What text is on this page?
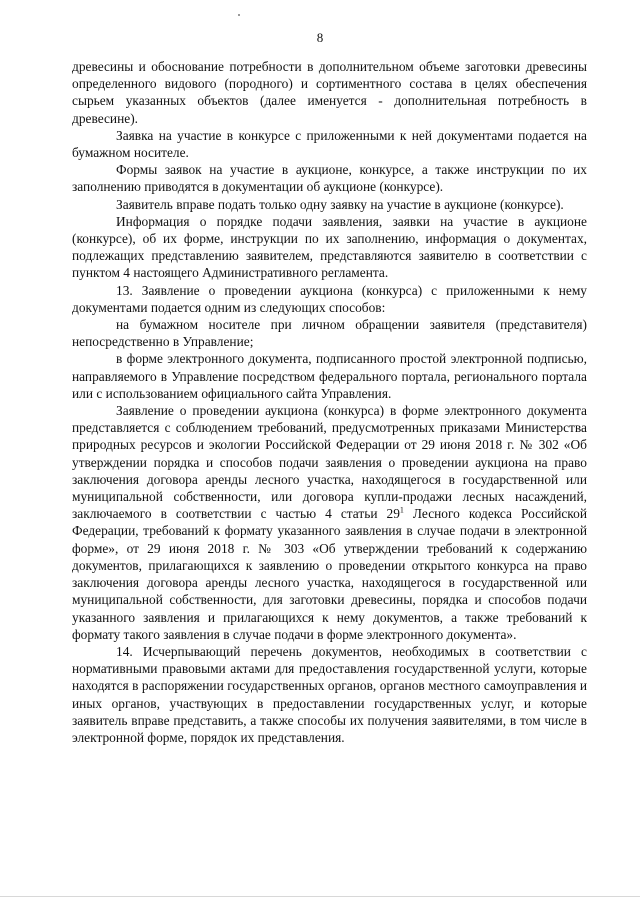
8

древесины и обоснование потребности в дополнительном объеме заготовки древесины определенного видового (породного) и сортиментного состава в целях обеспечения сырьем указанных объектов (далее именуется - дополнительная потребность в древесине).

Заявка на участие в конкурсе с приложенными к ней документами подается на бумажном носителе.

Формы заявок на участие в аукционе, конкурсе, а также инструкции по их заполнению приводятся в документации об аукционе (конкурсе).

Заявитель вправе подать только одну заявку на участие в аукционе (конкурсе).

Информация о порядке подачи заявления, заявки на участие в аукционе (конкурсе), об их форме, инструкции по их заполнению, информация о документах, подлежащих представлению заявителем, представляются заявителю в соответствии с пунктом 4 настоящего Административного регламента.

13. Заявление о проведении аукциона (конкурса) с приложенными к нему документами подается одним из следующих способов:

на бумажном носителе при личном обращении заявителя (представителя) непосредственно в Управление;

в форме электронного документа, подписанного простой электронной подписью, направляемого в Управление посредством федерального портала, регионального портала или с использованием официального сайта Управления.

Заявление о проведении аукциона (конкурса) в форме электронного документа представляется с соблюдением требований, предусмотренных приказами Министерства природных ресурсов и экологии Российской Федерации от 29 июня 2018 г. № 302 «Об утверждении порядка и способов подачи заявления о проведении аукциона на право заключения договора аренды лесного участка, находящегося в государственной или муниципальной собственности, или договора купли-продажи лесных насаждений, заключаемого в соответствии с частью 4 статьи $29^1$ Лесного кодекса Российской Федерации, требований к формату указанного заявления в случае подачи в электронной форме», от 29 июня 2018 г. № 303 «Об утверждении требований к содержанию документов, прилагающихся к заявлению о проведении открытого конкурса на право заключения договора аренды лесного участка, находящегося в государственной или муниципальной собственности, для заготовки древесины, порядка и способов подачи указанного заявления и прилагающихся к нему документов, а также требований к формату такого заявления в случае подачи в форме электронного документа».

14. Исчерпывающий перечень документов, необходимых в соответствии с нормативными правовыми актами для предоставления государственной услуги, которые находятся в распоряжении государственных органов, органов местного самоуправления и иных органов, участвующих в предоставлении государственных услуг, и которые заявитель вправе представить, а также способы их получения заявителями, в том числе в электронной форме, порядок их представления.
